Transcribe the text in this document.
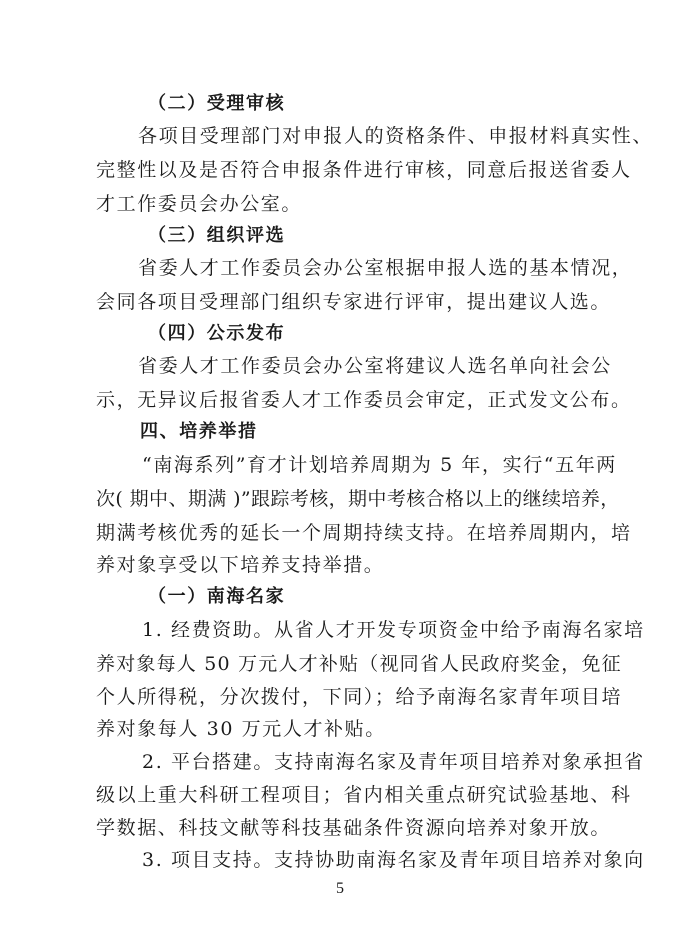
（二）受理审核
各项目受理部门对申报人的资格条件、申报材料真实性、
完整性以及是否符合申报条件进行审核，同意后报送省委人
才工作委员会办公室。
（三）组织评选
省委人才工作委员会办公室根据申报人选的基本情况，
会同各项目受理部门组织专家进行评审，提出建议人选。
（四）公示发布
省委人才工作委员会办公室将建议人选名单向社会公
示，无异议后报省委人才工作委员会审定，正式发文公布。
四、培养举措
“南海系列”育才计划培养周期为 5 年，实行“五年两
次( 期中、期满 )”跟踪考核，期中考核合格以上的继续培养，
期满考核优秀的延长一个周期持续支持。在培养周期内，培
养对象享受以下培养支持举措。
（一）南海名家
1. 经费资助。从省人才开发专项资金中给予南海名家培
养对象每人 50 万元人才补贴（视同省人民政府奖金，免征
个人所得税，分次拨付，下同）；给予南海名家青年项目培
养对象每人 30 万元人才补贴。
2. 平台搭建。支持南海名家及青年项目培养对象承担省
级以上重大科研工程项目；省内相关重点研究试验基地、科
学数据、科技文献等科技基础条件资源向培养对象开放。
3. 项目支持。支持协助南海名家及青年项目培养对象向
5
